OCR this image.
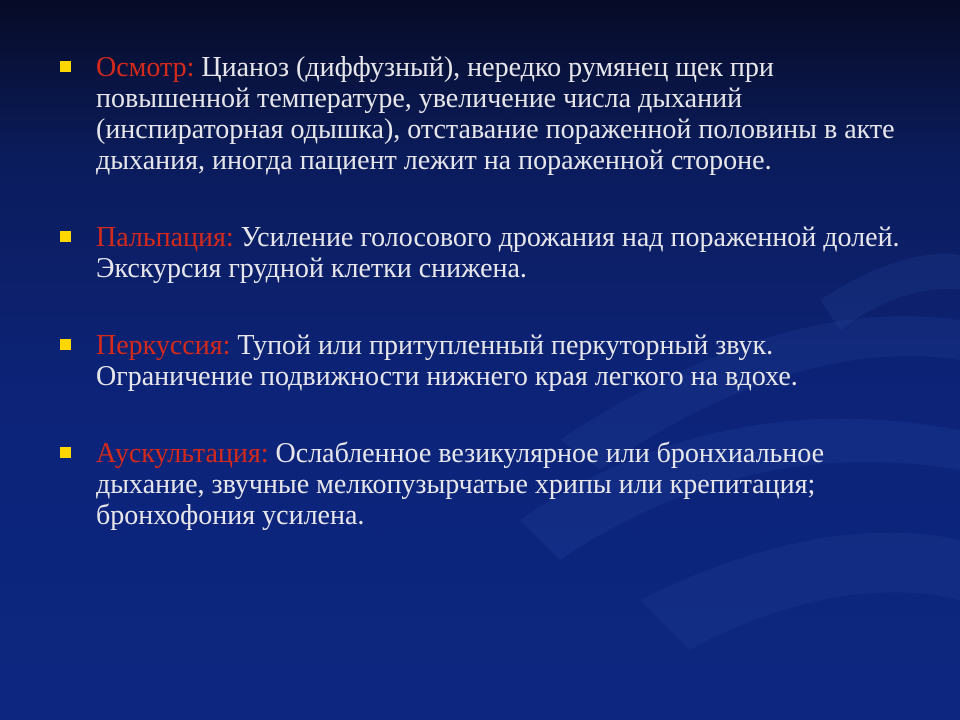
Осмотр: Цианоз (диффузный), нередко румянец щек при повышенной температуре, увеличение числа дыханий (инспираторная одышка), отставание пораженной половины в акте дыхания, иногда пациент лежит на пораженной стороне.
Пальпация: Усиление голосового дрожания над пораженной долей. Экскурсия грудной клетки снижена.
Перкуссия: Тупой или притупленный перкуторный звук. Ограничение подвижности нижнего края легкого на вдохе.
Аускультация: Ослабленное везикулярное или бронхиальное дыхание, звучные мелкопузырчатые хрипы или крепитация; бронхофония усилена.
